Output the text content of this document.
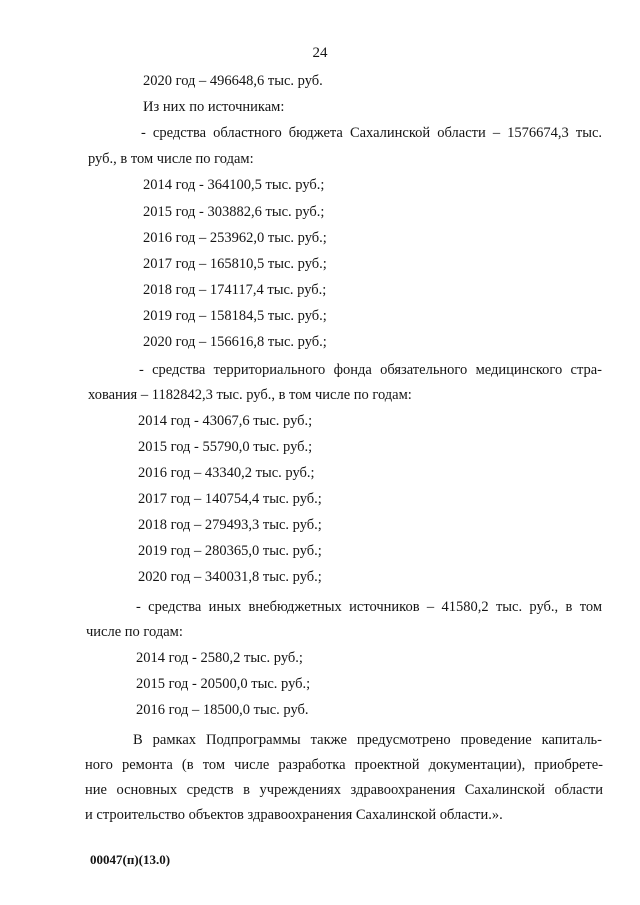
24
2020 год – 496648,6 тыс. руб.
Из них по источникам:
- средства областного бюджета Сахалинской области – 1576674,3 тыс.
руб., в том числе по годам:
2014 год - 364100,5 тыс. руб.;
2015 год - 303882,6 тыс. руб.;
2016 год – 253962,0 тыс. руб.;
2017 год – 165810,5 тыс. руб.;
2018 год – 174117,4 тыс. руб.;
2019 год – 158184,5 тыс. руб.;
2020 год – 156616,8 тыс. руб.;
- средства территориального фонда обязательного медицинского стра-
хования – 1182842,3 тыс. руб., в том числе по годам:
2014 год - 43067,6 тыс. руб.;
2015 год - 55790,0 тыс. руб.;
2016 год – 43340,2 тыс. руб.;
2017 год – 140754,4 тыс. руб.;
2018 год – 279493,3 тыс. руб.;
2019 год – 280365,0 тыс. руб.;
2020 год – 340031,8 тыс. руб.;
- средства иных внебюджетных источников – 41580,2 тыс. руб., в том
числе по годам:
2014 год - 2580,2 тыс. руб.;
2015 год - 20500,0 тыс. руб.;
2016 год – 18500,0 тыс. руб.
В рамках Подпрограммы также предусмотрено проведение капиталь-
ного ремонта (в том числе разработка проектной документации), приобрете-
ние основных средств в учреждениях здравоохранения Сахалинской области
и строительство объектов здравоохранения Сахалинской области.».
00047(п)(13.0)
